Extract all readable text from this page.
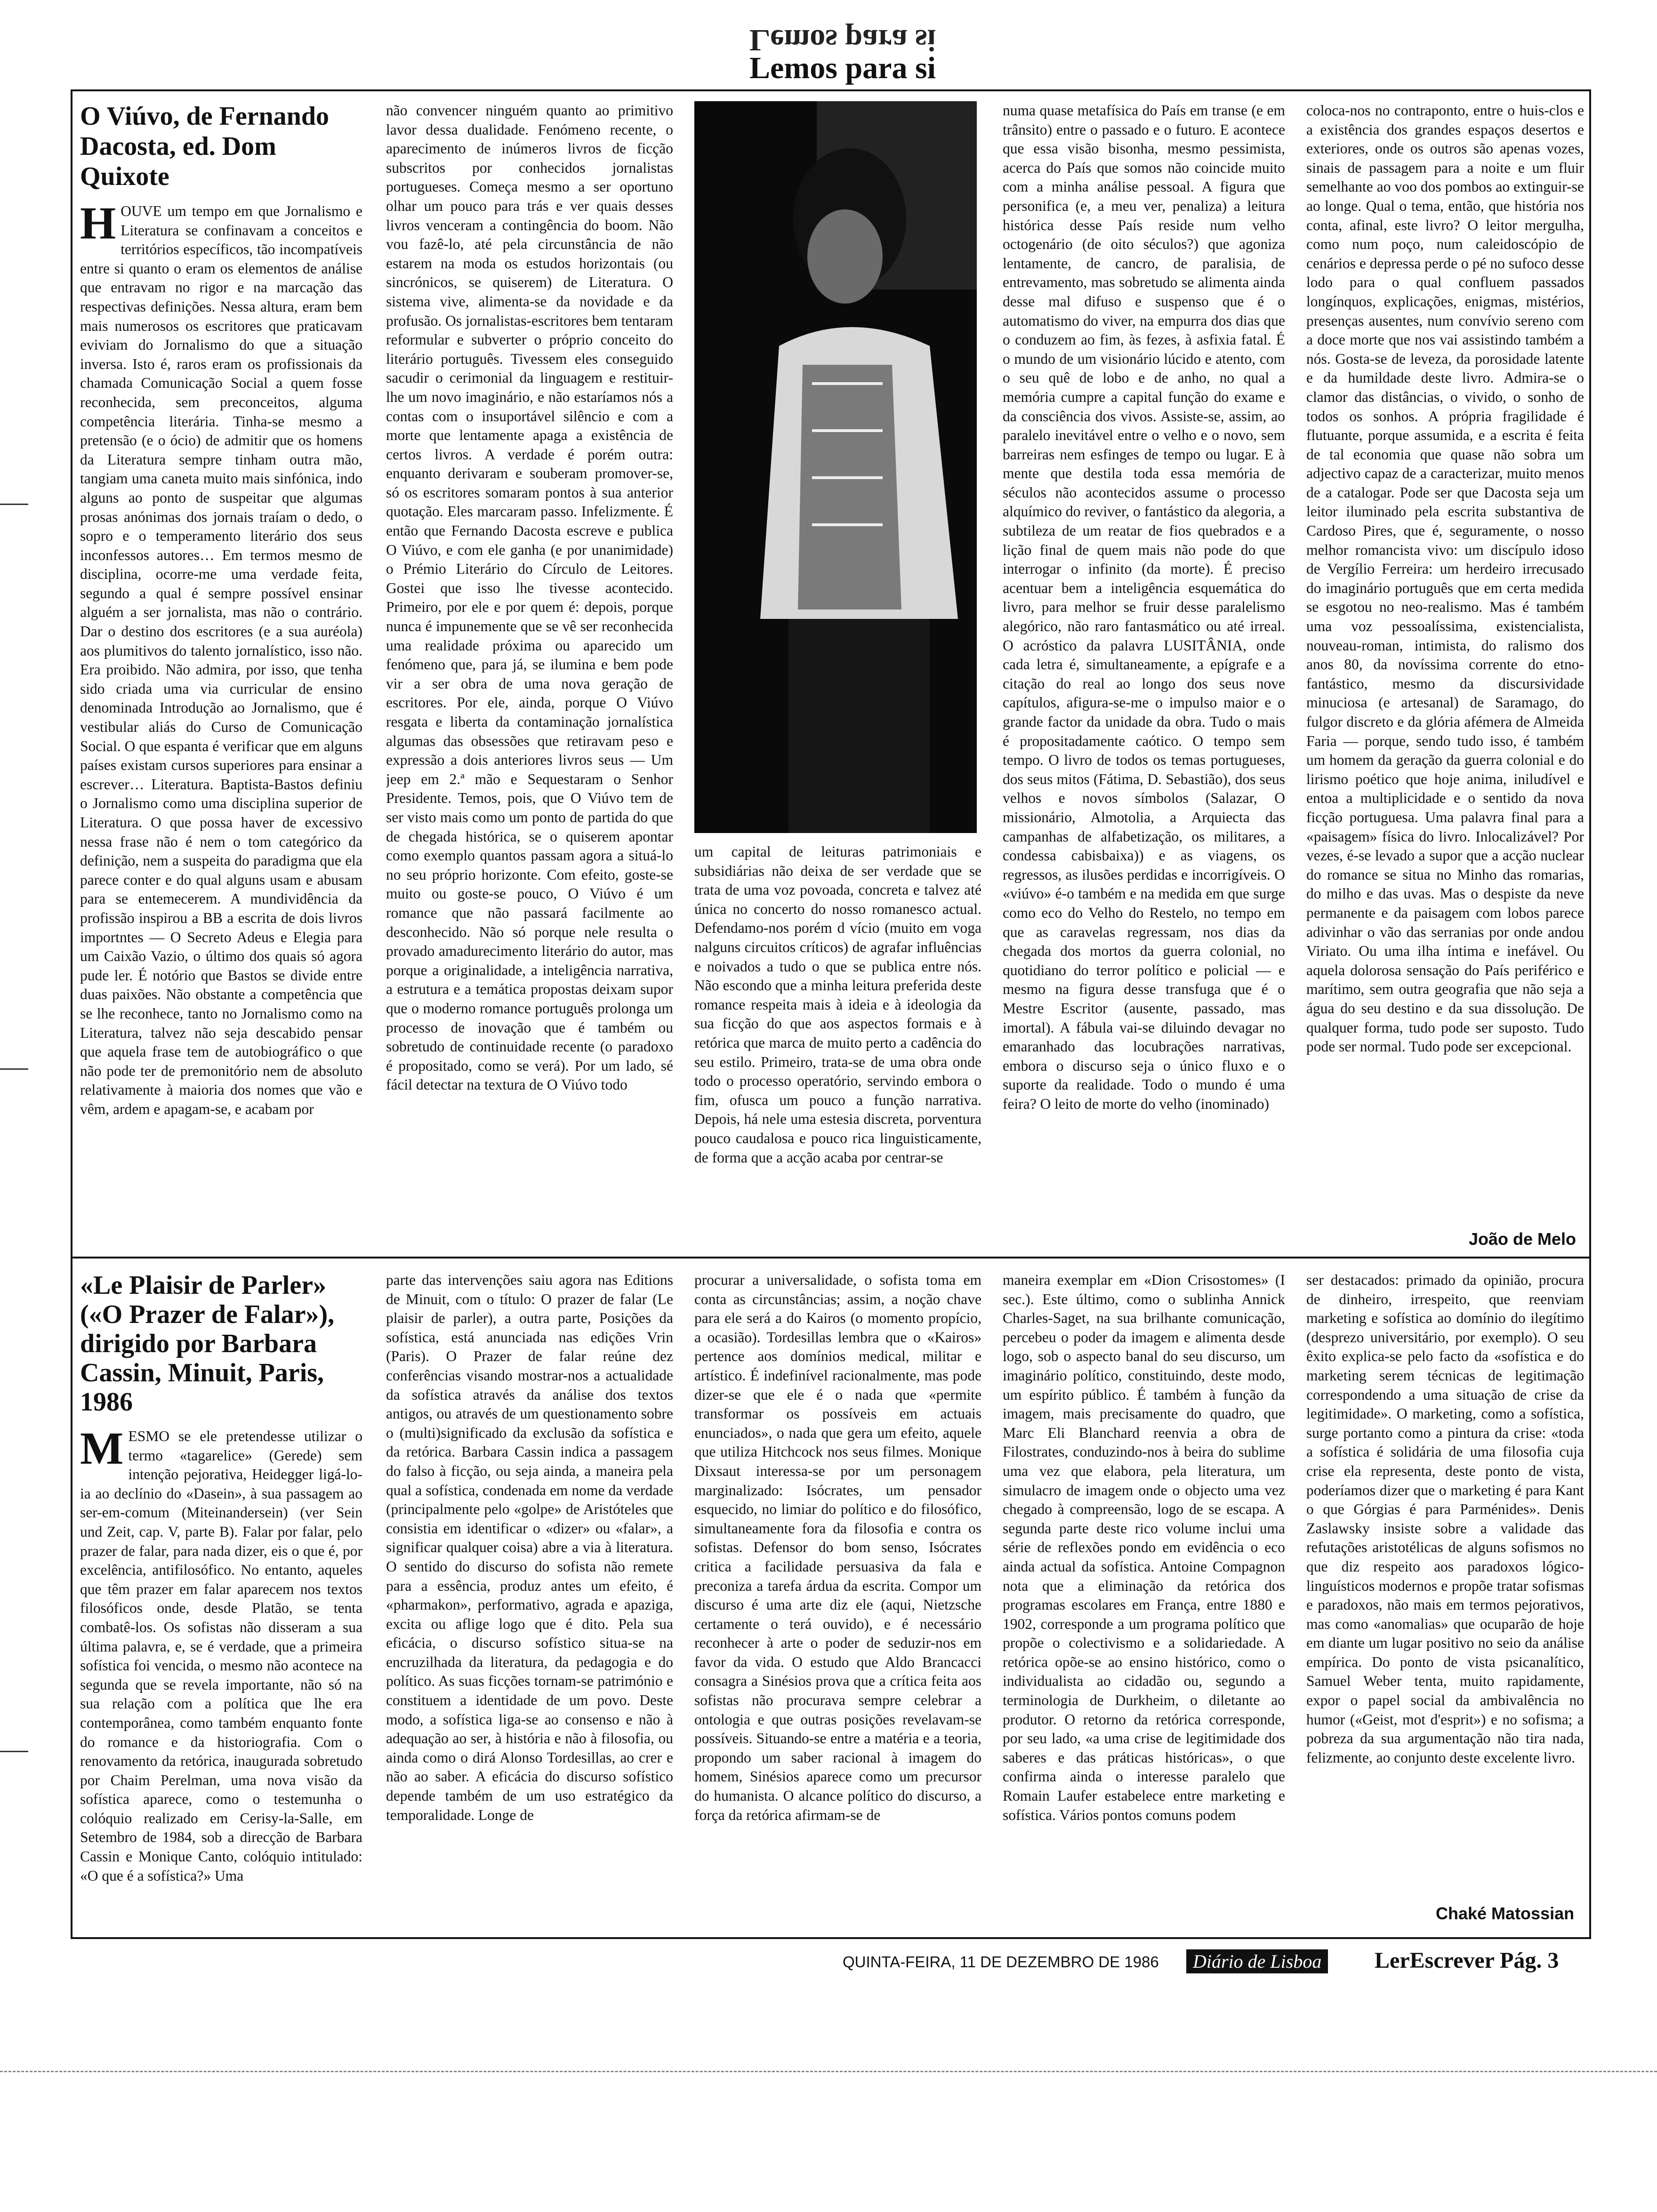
Lemos para si
Lemos para si
O Viúvo, de Fernando Dacosta, ed. Dom Quixote
H OUVE um tempo em que Jornalismo e Literatura se confinavam a conceitos e territórios específicos, tão incompatíveis entre si quanto o eram os elementos de análise que entravam no rigor e na marcação das respectivas definições. Nessa altura, eram bem mais numerosos os escritores que praticavam eviviam do Jornalismo do que a situação inversa. Isto é, raros eram os profissionais da chamada Comunicação Social a quem fosse reconhecida, sem preconceitos, alguma competência literária. Tinha-se mesmo a pretensão (e o ócio) de admitir que os homens da Literatura sempre tinham outra mão, tangiam uma caneta muito mais sinfónica, indo alguns ao ponto de suspeitar que algumas prosas anónimas dos jornais traíam o dedo, o sopro e o temperamento literário dos seus inconfessos autores… Em termos mesmo de disciplina, ocorre-me uma verdade feita, segundo a qual é sempre possível ensinar alguém a ser jornalista, mas não o contrário. Dar o destino dos escritores (e a sua auréola) aos plumitivos do talento jornalístico, isso não. Era proibido. Não admira, por isso, que tenha sido criada uma via curricular de ensino denominada Introdução ao Jornalismo, que é vestibular aliás do Curso de Comunicação Social. O que espanta é verificar que em alguns países existam cursos superiores para ensinar a escrever… Literatura. Baptista-Bastos definiu o Jornalismo como uma disciplina superior de Literatura. O que possa haver de excessivo nessa frase não é nem o tom categórico da definição, nem a suspeita do paradigma que ela parece conter e do qual alguns usam e abusam para se entemecerem. A mundividência da profissão inspirou a BB a escrita de dois livros importntes — O Secreto Adeus e Elegia para um Caixão Vazio, o último dos quais só agora pude ler. É notório que Bastos se divide entre duas paixões. Não obstante a competência que se lhe reconhece, tanto no Jornalismo como na Literatura, talvez não seja descabido pensar que aquela frase tem de autobiográfico o que não pode ter de premonitório nem de absoluto relativamente à maioria dos nomes que vão e vêm, ardem e apagam-se, e acabam por
não convencer ninguém quanto ao primitivo lavor dessa dualidade. Fenómeno recente, o aparecimento de inúmeros livros de ficção subscritos por conhecidos jornalistas portugueses. Começa mesmo a ser oportuno olhar um pouco para trás e ver quais desses livros venceram a contingência do boom. Não vou fazê-lo, até pela circunstância de não estarem na moda os estudos horizontais (ou sincrónicos, se quiserem) de Literatura. O sistema vive, alimenta-se da novidade e da profusão. Os jornalistas-escritores bem tentaram reformular e subverter o próprio conceito do literário português. Tivessem eles conseguido sacudir o cerimonial da linguagem e restituir-lhe um novo imaginário, e não estaríamos nós a contas com o insuportável silêncio e com a morte que lentamente apaga a existência de certos livros. A verdade é porém outra: enquanto derivaram e souberam promover-se, só os escritores somaram pontos à sua anterior quotação. Eles marcaram passo. Infelizmente. É então que Fernando Dacosta escreve e publica O Viúvo, e com ele ganha (e por unanimidade) o Prémio Literário do Círculo de Leitores. Gostei que isso lhe tivesse acontecido. Primeiro, por ele e por quem é: depois, porque nunca é impunemente que se vê ser reconhecida uma realidade próxima ou aparecido um fenómeno que, para já, se ilumina e bem pode vir a ser obra de uma nova geração de escritores. Por ele, ainda, porque O Viúvo resgata e liberta da contaminação jornalística algumas das obsessões que retiravam peso e expressão a dois anteriores livros seus — Um jeep em 2.ª mão e Sequestaram o Senhor Presidente. Temos, pois, que O Viúvo tem de ser visto mais como um ponto de partida do que de chegada histórica, se o quiserem apontar como exemplo quantos passam agora a situá-lo no seu próprio horizonte. Com efeito, goste-se muito ou goste-se pouco, O Viúvo é um romance que não passará facilmente ao desconhecido. Não só porque nele resulta o provado amadurecimento literário do autor, mas porque a originalidade, a inteligência narrativa, a estrutura e a temática propostas deixam supor que o moderno romance português prolonga um processo de inovação que é também ou sobretudo de continuidade recente (o paradoxo é propositado, como se verá). Por um lado, sé fácil detectar na textura de O Viúvo todo
um capital de leituras patrimoniais e subsidiárias não deixa de ser verdade que se trata de uma voz povoada, concreta e talvez até única no concerto do nosso romanesco actual. Defendamo-nos porém d vício (muito em voga nalguns circuitos críticos) de agrafar influências e noivados a tudo o que se publica entre nós. Não escondo que a minha leitura preferida deste romance respeita mais à ideia e à ideologia da sua ficção do que aos aspectos formais e à retórica que marca de muito perto a cadência do seu estilo. Primeiro, trata-se de uma obra onde todo o processo operatório, servindo embora o fim, ofusca um pouco a função narrativa. Depois, há nele uma estesia discreta, porventura pouco caudalosa e pouco rica linguisticamente, de forma que a acção acaba por centrar-se
numa quase metafísica do País em transe (e em trânsito) entre o passado e o futuro. E acontece que essa visão bisonha, mesmo pessimista, acerca do País que somos não coincide muito com a minha análise pessoal. A figura que personifica (e, a meu ver, penaliza) a leitura histórica desse País reside num velho octogenário (de oito séculos?) que agoniza lentamente, de cancro, de paralisia, de entrevamento, mas sobretudo se alimenta ainda desse mal difuso e suspenso que é o automatismo do viver, na empurra dos dias que o conduzem ao fim, às fezes, à asfixia fatal. É o mundo de um visionário lúcido e atento, com o seu quê de lobo e de anho, no qual a memória cumpre a capital função do exame e da consciência dos vivos. Assiste-se, assim, ao paralelo inevitável entre o velho e o novo, sem barreiras nem esfinges de tempo ou lugar. E à mente que destila toda essa memória de séculos não acontecidos assume o processo alquímico do reviver, o fantástico da alegoria, a subtileza de um reatar de fios quebrados e a lição final de quem mais não pode do que interrogar o infinito (da morte). É preciso acentuar bem a inteligência esquemática do livro, para melhor se fruir desse paralelismo alegórico, não raro fantasmático ou até irreal. O acróstico da palavra LUSITÂNIA, onde cada letra é, simultaneamente, a epígrafe e a citação do real ao longo dos seus nove capítulos, afigura-se-me o impulso maior e o grande factor da unidade da obra. Tudo o mais é propositadamente caótico. O tempo sem tempo. O livro de todos os temas portugueses, dos seus mitos (Fátima, D. Sebastião), dos seus velhos e novos símbolos (Salazar, O missionário, Almotolia, a Arquiecta das campanhas de alfabetização, os militares, a condessa cabisbaixa)) e as viagens, os regressos, as ilusões perdidas e incorrigíveis. O «viúvo» é-o também e na medida em que surge como eco do Velho do Restelo, no tempo em que as caravelas regressam, nos dias da chegada dos mortos da guerra colonial, no quotidiano do terror político e policial — e mesmo na figura desse transfuga que é o Mestre Escritor (ausente, passado, mas imortal). A fábula vai-se diluindo devagar no emaranhado das locubrações narrativas, embora o discurso seja o único fluxo e o suporte da realidade. Todo o mundo é uma feira? O leito de morte do velho (inominado)
coloca-nos no contraponto, entre o huis-clos e a existência dos grandes espaços desertos e exteriores, onde os outros são apenas vozes, sinais de passagem para a noite e um fluir semelhante ao voo dos pombos ao extinguir-se ao longe. Qual o tema, então, que história nos conta, afinal, este livro? O leitor mergulha, como num poço, num caleidoscópio de cenários e depressa perde o pé no sufoco desse lodo para o qual confluem passados longínquos, explicações, enigmas, mistérios, presenças ausentes, num convívio sereno com a doce morte que nos vai assistindo também a nós. Gosta-se de leveza, da porosidade latente e da humildade deste livro. Admira-se o clamor das distâncias, o vivido, o sonho de todos os sonhos. A própria fragilidade é flutuante, porque assumida, e a escrita é feita de tal economia que quase não sobra um adjectivo capaz de a caracterizar, muito menos de a catalogar. Pode ser que Dacosta seja um leitor iluminado pela escrita substantiva de Cardoso Pires, que é, seguramente, o nosso melhor romancista vivo: um discípulo idoso de Vergílio Ferreira: um herdeiro irrecusado do imaginário português que em certa medida se esgotou no neo-realismo. Mas é também uma voz pessoalíssima, existencialista, nouveau-roman, intimista, do ralismo dos anos 80, da novíssima corrente do etno-fantástico, mesmo da discursividade minuciosa (e artesanal) de Saramago, do fulgor discreto e da glória afémera de Almeida Faria — porque, sendo tudo isso, é também um homem da geração da guerra colonial e do lirismo poético que hoje anima, iniludível e entoa a multiplicidade e o sentido da nova ficção portuguesa. Uma palavra final para a «paisagem» física do livro. Inlocalizável? Por vezes, é-se levado a supor que a acção nuclear do romance se situa no Minho das romarias, do milho e das uvas. Mas o despiste da neve permanente e da paisagem com lobos parece adivinhar o vão das serranias por onde andou Viriato. Ou uma ilha íntima e inefável. Ou aquela dolorosa sensação do País periférico e marítimo, sem outra geografia que não seja a água do seu destino e da sua dissolução. De qualquer forma, tudo pode ser suposto. Tudo pode ser normal. Tudo pode ser excepcional.
João de Melo
«Le Plaisir de Parler» («O Prazer de Falar»), dirigido por Barbara Cassin, Minuit, Paris, 1986
M ESMO se ele pretendesse utilizar o termo «tagarelice» (Gerede) sem intenção pejorativa, Heidegger ligá-lo-ia ao declínio do «Dasein», à sua passagem ao ser-em-comum (Miteinandersein) (ver Sein und Zeit, cap. V, parte B). Falar por falar, pelo prazer de falar, para nada dizer, eis o que é, por excelência, antifilosófico. No entanto, aqueles que têm prazer em falar aparecem nos textos filosóficos onde, desde Platão, se tenta combatê-los. Os sofistas não disseram a sua última palavra, e, se é verdade, que a primeira sofística foi vencida, o mesmo não acontece na segunda que se revela importante, não só na sua relação com a política que lhe era contemporânea, como também enquanto fonte do romance e da historiografia. Com o renovamento da retórica, inaugurada sobretudo por Chaim Perelman, uma nova visão da sofística aparece, como o testemunha o colóquio realizado em Cerisy-la-Salle, em Setembro de 1984, sob a direcção de Barbara Cassin e Monique Canto, colóquio intitulado: «O que é a sofística?» Uma
parte das intervenções saiu agora nas Editions de Minuit, com o título: O prazer de falar (Le plaisir de parler), a outra parte, Posições da sofística, está anunciada nas edições Vrin (Paris). O Prazer de falar reúne dez conferências visando mostrar-nos a actualidade da sofística através da análise dos textos antigos, ou através de um questionamento sobre o (multi)significado da exclusão da sofística e da retórica. Barbara Cassin indica a passagem do falso à ficção, ou seja ainda, a maneira pela qual a sofística, condenada em nome da verdade (principalmente pelo «golpe» de Aristóteles que consistia em identificar o «dizer» ou «falar», a significar qualquer coisa) abre a via à literatura. O sentido do discurso do sofista não remete para a essência, produz antes um efeito, é «pharmakon», performativo, agrada e apaziga, excita ou aflige logo que é dito. Pela sua eficácia, o discurso sofístico situa-se na encruzilhada da literatura, da pedagogia e do político. As suas ficções tornam-se património e constituem a identidade de um povo. Deste modo, a sofística liga-se ao consenso e não à adequação ao ser, à história e não à filosofia, ou ainda como o dirá Alonso Tordesillas, ao crer e não ao saber. A eficácia do discurso sofístico depende também de um uso estratégico da temporalidade. Longe de
procurar a universalidade, o sofista toma em conta as circunstâncias; assim, a noção chave para ele será a do Kairos (o momento propício, a ocasião). Tordesillas lembra que o «Kairos» pertence aos domínios medical, militar e artístico. É indefinível racionalmente, mas pode dizer-se que ele é o nada que «permite transformar os possíveis em actuais enunciados», o nada que gera um efeito, aquele que utiliza Hitchcock nos seus filmes. Monique Dixsaut interessa-se por um personagem marginalizado: Isócrates, um pensador esquecido, no limiar do político e do filosófico, simultaneamente fora da filosofia e contra os sofistas. Defensor do bom senso, Isócrates critica a facilidade persuasiva da fala e preconiza a tarefa árdua da escrita. Compor um discurso é uma arte diz ele (aqui, Nietzsche certamente o terá ouvido), e é necessário reconhecer à arte o poder de seduzir-nos em favor da vida. O estudo que Aldo Brancacci consagra a Sinésios prova que a crítica feita aos sofistas não procurava sempre celebrar a ontologia e que outras posições revelavam-se possíveis. Situando-se entre a matéria e a teoria, propondo um saber racional à imagem do homem, Sinésios aparece como um precursor do humanista. O alcance político do discurso, a força da retórica afirmam-se de
maneira exemplar em «Dion Crisostomes» (I sec.). Este último, como o sublinha Annick Charles-Saget, na sua brilhante comunicação, percebeu o poder da imagem e alimenta desde logo, sob o aspecto banal do seu discurso, um imaginário político, constituindo, deste modo, um espírito público. É também à função da imagem, mais precisamente do quadro, que Marc Eli Blanchard reenvia a obra de Filostrates, conduzindo-nos à beira do sublime uma vez que elabora, pela literatura, um simulacro de imagem onde o objecto uma vez chegado à compreensão, logo de se escapa. A segunda parte deste rico volume inclui uma série de reflexões pondo em evidência o eco ainda actual da sofística. Antoine Compagnon nota que a eliminação da retórica dos programas escolares em França, entre 1880 e 1902, corresponde a um programa político que propõe o colectivismo e a solidariedade. A retórica opõe-se ao ensino histórico, como o individualista ao cidadão ou, segundo a terminologia de Durkheim, o diletante ao produtor. O retorno da retórica corresponde, por seu lado, «a uma crise de legitimidade dos saberes e das práticas históricas», o que confirma ainda o interesse paralelo que Romain Laufer estabelece entre marketing e sofística. Vários pontos comuns podem
ser destacados: primado da opinião, procura de dinheiro, irrespeito, que reenviam marketing e sofística ao domínio do ilegítimo (desprezo universitário, por exemplo). O seu êxito explica-se pelo facto da «sofística e do marketing serem técnicas de legitimação correspondendo a uma situação de crise da legitimidade». O marketing, como a sofística, surge portanto como a pintura da crise: «toda a sofística é solidária de uma filosofia cuja crise ela representa, deste ponto de vista, poderíamos dizer que o marketing é para Kant o que Górgias é para Parménides». Denis Zaslawsky insiste sobre a validade das refutações aristotélicas de alguns sofismos no que diz respeito aos paradoxos lógico-linguísticos modernos e propõe tratar sofismas e paradoxos, não mais em termos pejorativos, mas como «anomalias» que ocuparão de hoje em diante um lugar positivo no seio da análise empírica. Do ponto de vista psicanalítico, Samuel Weber tenta, muito rapidamente, expor o papel social da ambivalência no humor («Geist, mot d'esprit») e no sofisma; a pobreza da sua argumentação não tira nada, felizmente, ao conjunto deste excelente livro.
Chaké Matossian
QUINTA-FEIRA, 11 DE DEZEMBRO DE 1986	Diário de Lisboa LerEscrever Pág. 3
